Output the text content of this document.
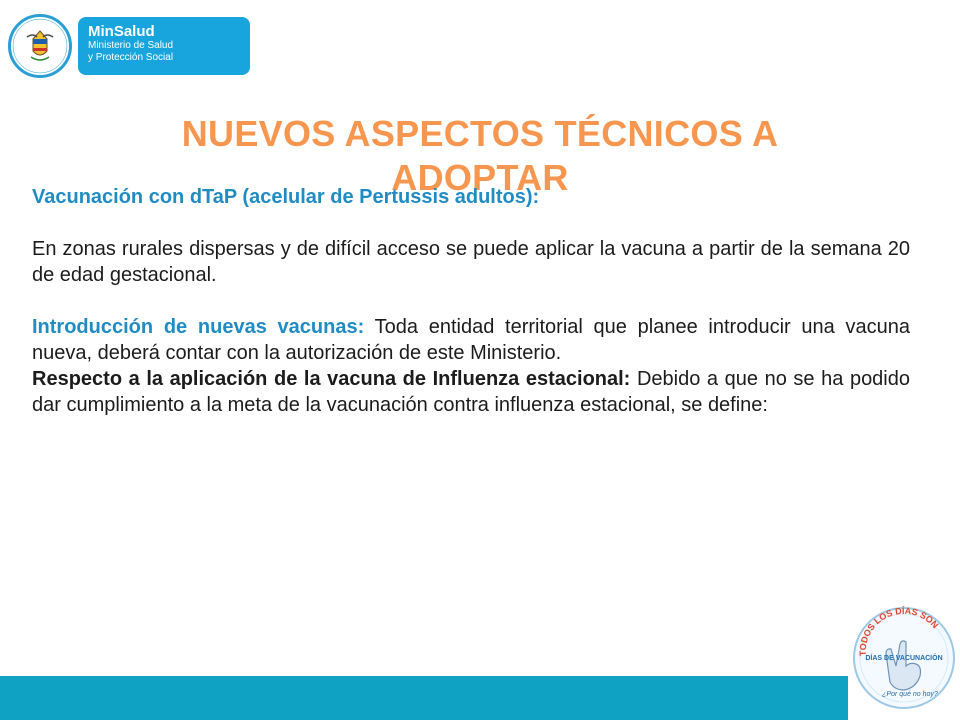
MinSalud
Ministerio de Salud
y Protección Social
NUEVOS ASPECTOS TÉCNICOS A ADOPTAR

Vacunación con dTaP (acelular de Pertussis adultos):

En zonas rurales dispersas y de difícil acceso se puede aplicar la vacuna a partir de la semana 20 de edad gestacional.

Introducción de nuevas vacunas: Toda entidad territorial que planee introducir una vacuna nueva, deberá contar con la autorización de este Ministerio.

Respecto a la aplicación de la vacuna de Influenza estacional: Debido a que no se ha podido dar cumplimiento a la meta de la vacunación contra influenza estacional, se define:

TODOS LOS DÍAS SON
DÍAS DE VACUNACIÓN
¿Por qué no hoy?
